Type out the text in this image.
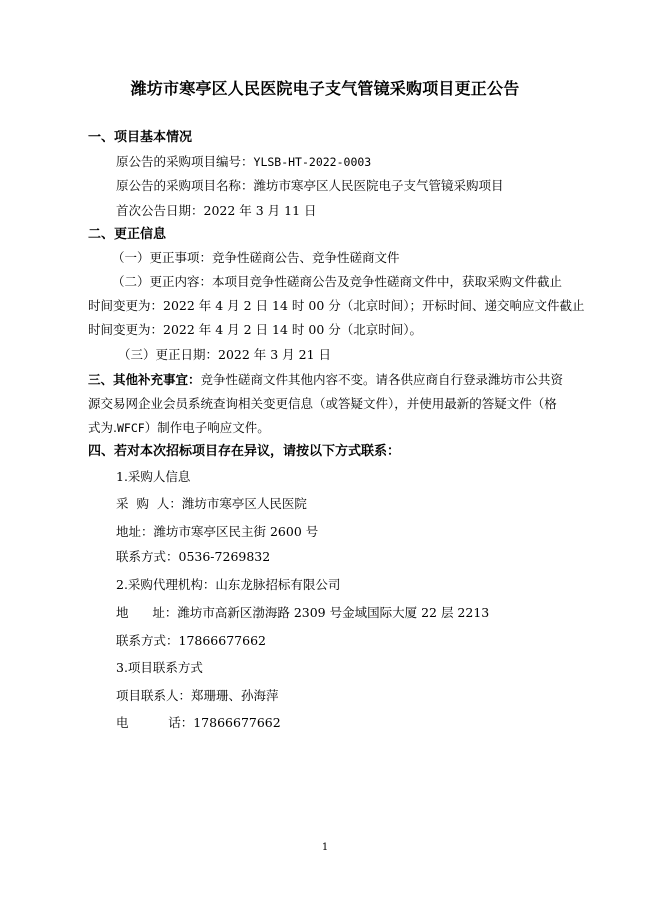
潍坊市寒亭区人民医院电子支气管镜采购项目更正公告
一、项目基本情况
原公告的采购项目编号：YLSB-HT-2022-0003
原公告的采购项目名称：潍坊市寒亭区人民医院电子支气管镜采购项目
首次公告日期：2022 年 3 月 11 日
二、更正信息
（一）更正事项：竞争性磋商公告、竞争性磋商文件
（二）更正内容：本项目竞争性磋商公告及竞争性磋商文件中，获取采购文件截止
时间变更为：2022 年 4 月 2 日 14 时 00 分（北京时间）；开标时间、递交响应文件截止
时间变更为：2022 年 4 月 2 日 14 时 00 分（北京时间）。
（三）更正日期：2022 年 3 月 21 日
三、其他补充事宜：竞争性磋商文件其他内容不变。请各供应商自行登录潍坊市公共资
源交易网企业会员系统查询相关变更信息（或答疑文件），并使用最新的答疑文件（格
式为.WFCF）制作电子响应文件。
四、若对本次招标项目存在异议，请按以下方式联系：
1.采购人信息
采  购  人：潍坊市寒亭区人民医院
地址：潍坊市寒亭区民主街 2600 号
联系方式：0536-7269832
2.采购代理机构：山东龙脉招标有限公司
地      址：潍坊市高新区渤海路 2309 号金域国际大厦 22 层 2213
联系方式：17866677662
3.项目联系方式
项目联系人：郑珊珊、孙海萍
电          话：17866677662
1
